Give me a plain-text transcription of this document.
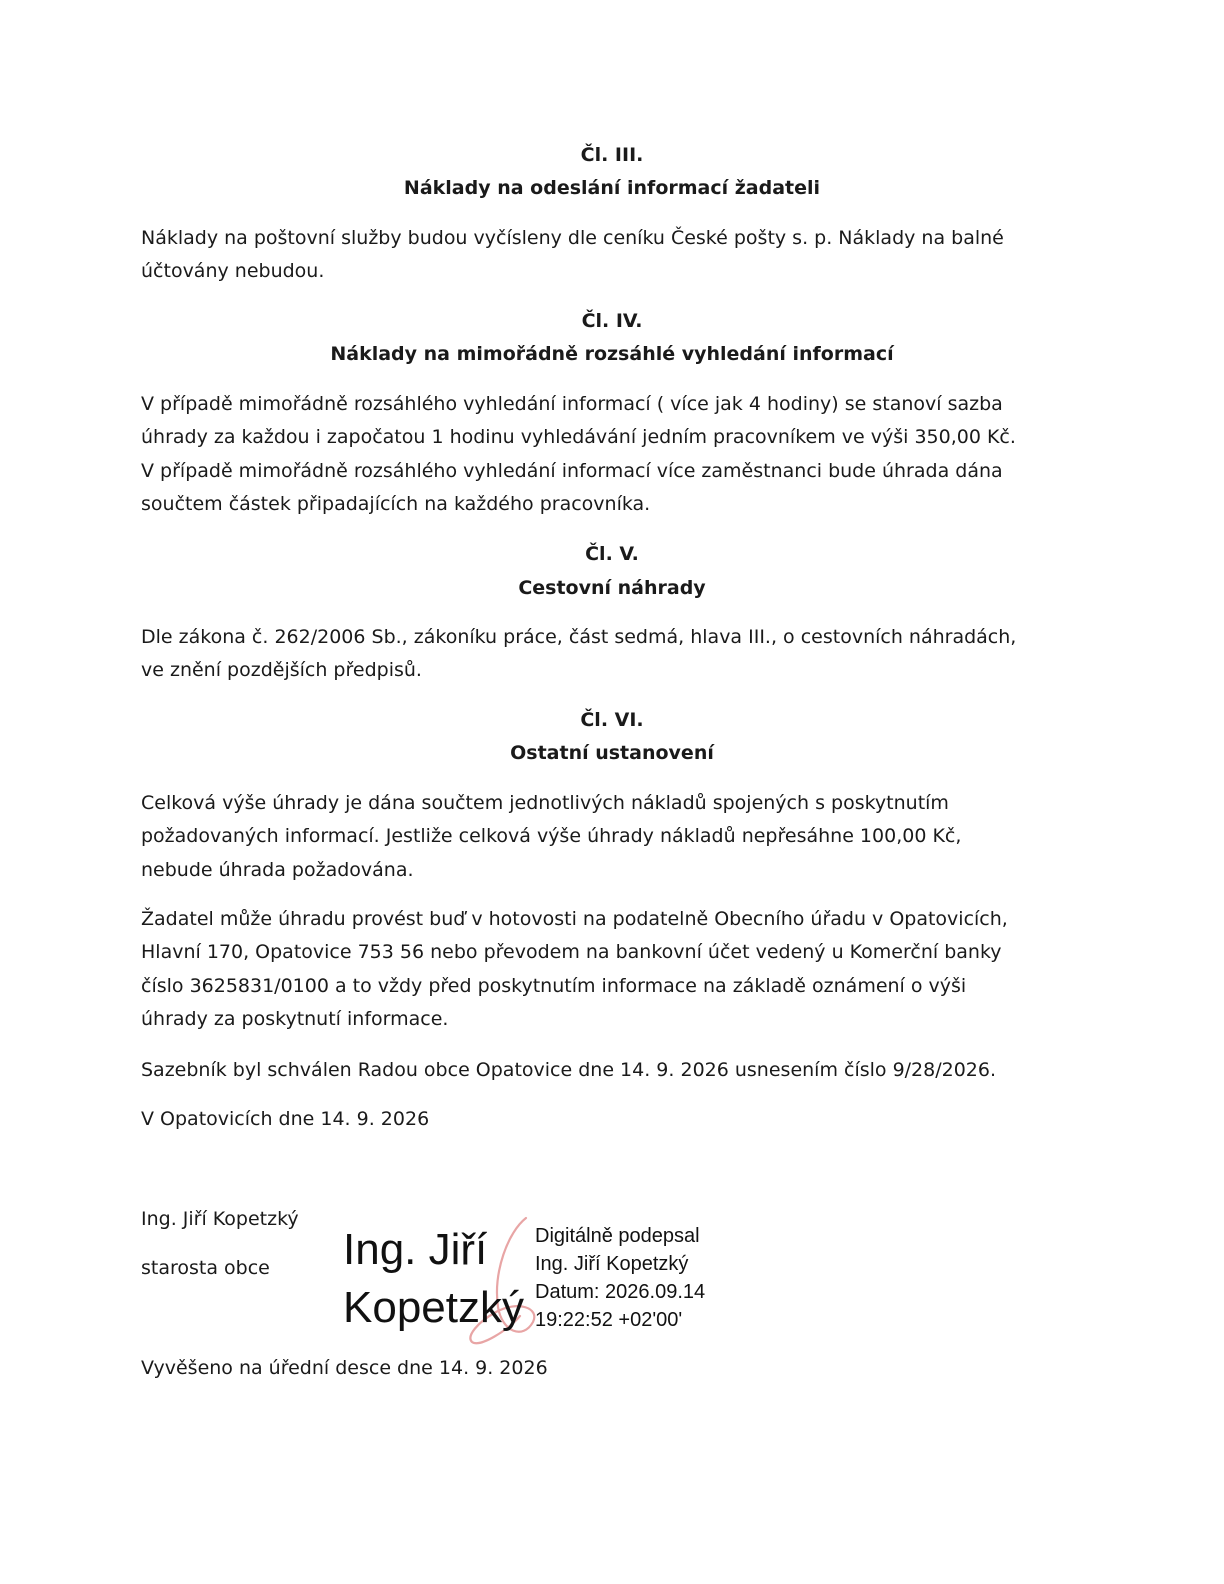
Čl. III.
Náklady na odeslání informací žadateli
Náklady na poštovní služby budou vyčísleny dle ceníku České pošty s. p. Náklady na balné
účtovány nebudou.
Čl. IV.
Náklady na mimořádně rozsáhlé vyhledání informací
V případě mimořádně rozsáhlého vyhledání informací ( více jak 4 hodiny) se stanoví sazba
úhrady za každou i započatou 1 hodinu vyhledávání jedním pracovníkem ve výši 350,00 Kč.
V případě mimořádně rozsáhlého vyhledání informací více zaměstnanci bude úhrada dána
součtem částek připadajících na každého pracovníka.
Čl. V.
Cestovní náhrady
Dle zákona č. 262/2006 Sb., zákoníku práce, část sedmá, hlava III., o cestovních náhradách,
ve znění pozdějších předpisů.
Čl. VI.
Ostatní ustanovení
Celková výše úhrady je dána součtem jednotlivých nákladů spojených s poskytnutím
požadovaných informací. Jestliže celková výše úhrady nákladů nepřesáhne 100,00 Kč,
nebude úhrada požadována.
Žadatel může úhradu provést buď v hotovosti na podatelně Obecního úřadu v Opatovicích,
Hlavní 170, Opatovice 753 56 nebo převodem na bankovní účet vedený u Komerční banky
číslo 3625831/0100 a to vždy před poskytnutím informace na základě oznámení o výši
úhrady za poskytnutí informace.
Sazebník byl schválen Radou obce Opatovice dne 14. 9. 2026 usnesením číslo 9/28/2026.
V Opatovicích dne 14. 9. 2026
Ing. Jiří Kopetzký
starosta obce Ing. Jiří
Kopetzký
Digitálně podepsal
Ing. Jiří Kopetzký
Datum: 2026.09.14
19:22:52 +02'00'
Vyvěšeno na úřední desce dne 14. 9. 2026
